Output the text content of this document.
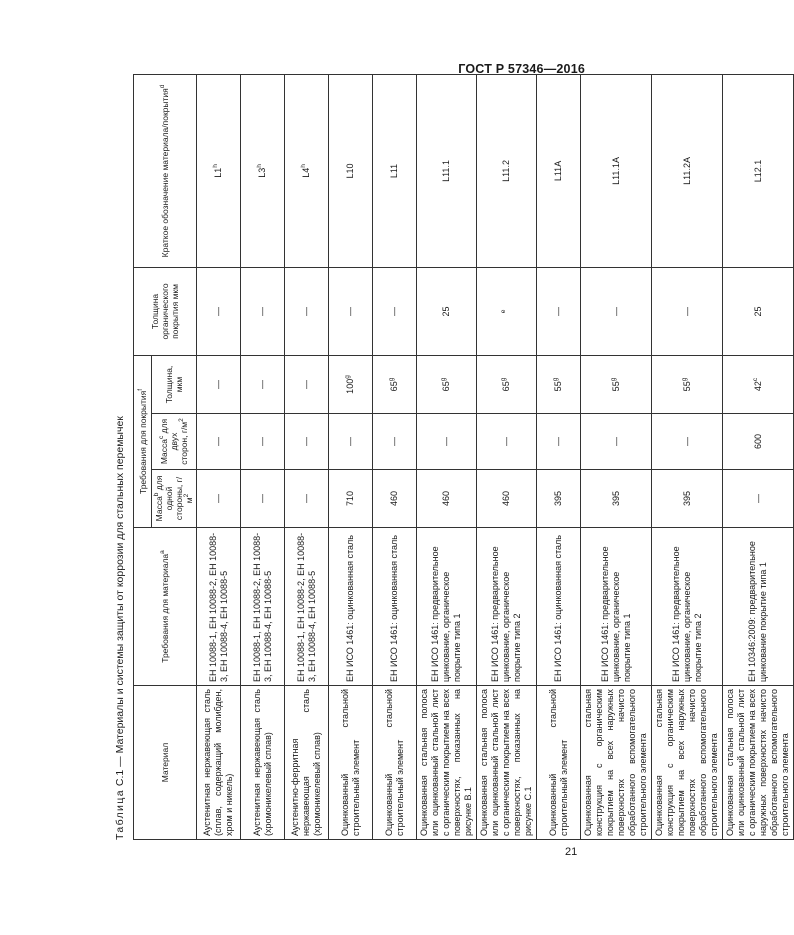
ГОСТ Р 57346—2016
Таблица С.1 — Материалы и системы защиты от коррозии для стальных перемычек	Материал	Требования для материала$^a$	Требования для покрытия$^f$			Толщина органического покрытия мкм	Краткое обозначение материала/покрытия$^d$
		Масса$^b$ для одной стороны, $г/м^2$	Масса$^c$ для двух сторон, $г/м^2$	Толщина, мкм		
Аустенитная нержавеющая сталь (сплав, содержащий молибден, хром и никель)	ЕН 10088-1, ЕН 10088-2, ЕН 10088-3, ЕН 10088-4, ЕН 10088-5	—	—	—	—	L1$^h$
Аустенитная нержавеющая сталь (хромоникелевый сплав)	ЕН 10088-1, ЕН 10088-2, ЕН 10088-3, ЕН 10088-4, ЕН 10088-5	—	—	—	—	L3$^h$
Аустенитно-ферритная нержавеющая сталь (хромоникелевый сплав)	ЕН 10088-1, ЕН 10088-2, ЕН 10088-3, ЕН 10088-4, ЕН 10088-5	—	—	—	—	L4$^h$
Оцинкованный стальной строительный элемент	ЕН ИСО 1461: оцинкованная сталь	710	—	100$^g$	—	L10
Оцинкованный стальной строительный элемент	ЕН ИСО 1461: оцинкованная сталь	460	—	65$^g$	—	L11
Оцинкованная стальная полоса или оцинкованный стальной лист с органическим покрытием на всех поверхностях, показанных на рисунке В.1	ЕН ИСО 1461: предварительное цинкование, органическое покрытие типа 1	460	—	65$^g$	25	L11.1
Оцинкованная стальная полоса или оцинкованный стальной лист с органическим покрытием на всех поверхностях, показанных на рисунке С.1	ЕН ИСО 1461: предварительное цинкование, органическое покрытие типа 2	460	—	65$^g$	$^e$	L11.2
Оцинкованный стальной строительный элемент	ЕН ИСО 1461: оцинкованная сталь	395	—	55$^g$	—	L11A
Оцинкованная стальная конструкция с органическим покрытием на всех наружных поверхностях начисто обработанного вспомогательного строительного элемента	ЕН ИСО 1461: предварительное цинкование, органическое покрытие типа 1	395	—	55$^g$	—	L11.1A
Оцинкованная стальная конструкция с органическим покрытием на всех наружных поверхностях начисто обработанного вспомогательного строительного элемента	ЕН ИСО 1461: предварительное цинкование, органическое покрытие типа 2	395	—	55$^g$	—	L11.2A
Оцинкованная стальная полоса или оцинкованный стальной лист с органическим покрытием на всех наружных поверхностях начисто обработанного вспомогательного строительного элемента	ЕН 10346:2009: предварительное цинкование покрытие типа 1	—	600	42$^c$	25	L12.1
21
